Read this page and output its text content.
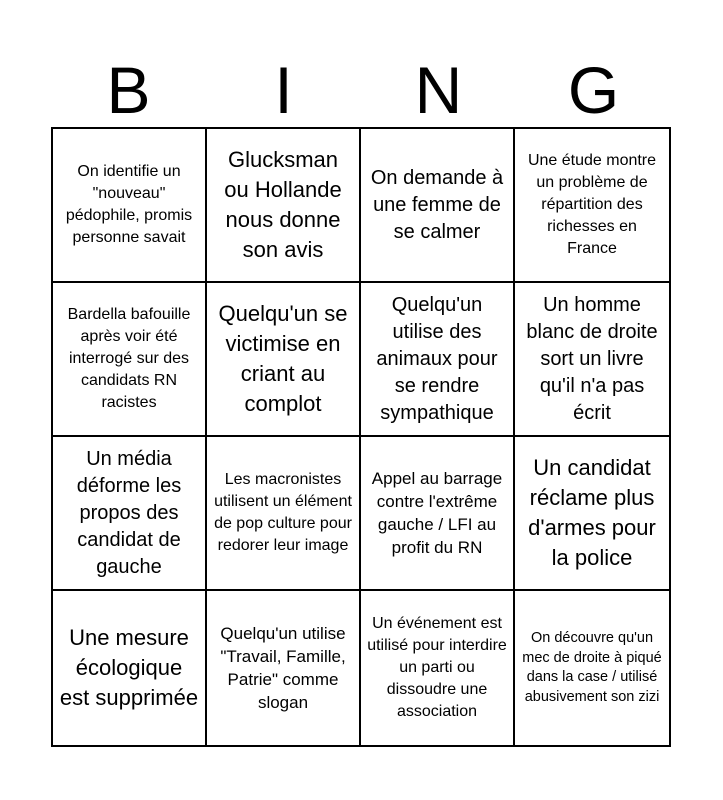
B	I	N	G
On identifie un "nouveau" pédophile, promis personne savait
Glucksman ou Hollande nous donne son avis
On demande à une femme de se calmer
Une étude montre un problème de répartition des richesses en France
Bardella bafouille après voir été interrogé sur des candidats RN racistes
Quelqu'un se victimise en criant au complot
Quelqu'un utilise des animaux pour se rendre sympathique
Un homme blanc de droite sort un livre qu'il n'a pas écrit
Un média déforme les propos des candidat de gauche
Les macronistes utilisent un élément de pop culture pour redorer leur image
Appel au barrage contre l'extrême gauche / LFI au profit du RN
Un candidat réclame plus d'armes pour la police
Une mesure écologique est supprimée
Quelqu'un utilise "Travail, Famille, Patrie" comme slogan
Un événement est utilisé pour interdire un parti ou dissoudre une association
On découvre qu'un mec de droite à piqué dans la case / utilisé abusivement son zizi
